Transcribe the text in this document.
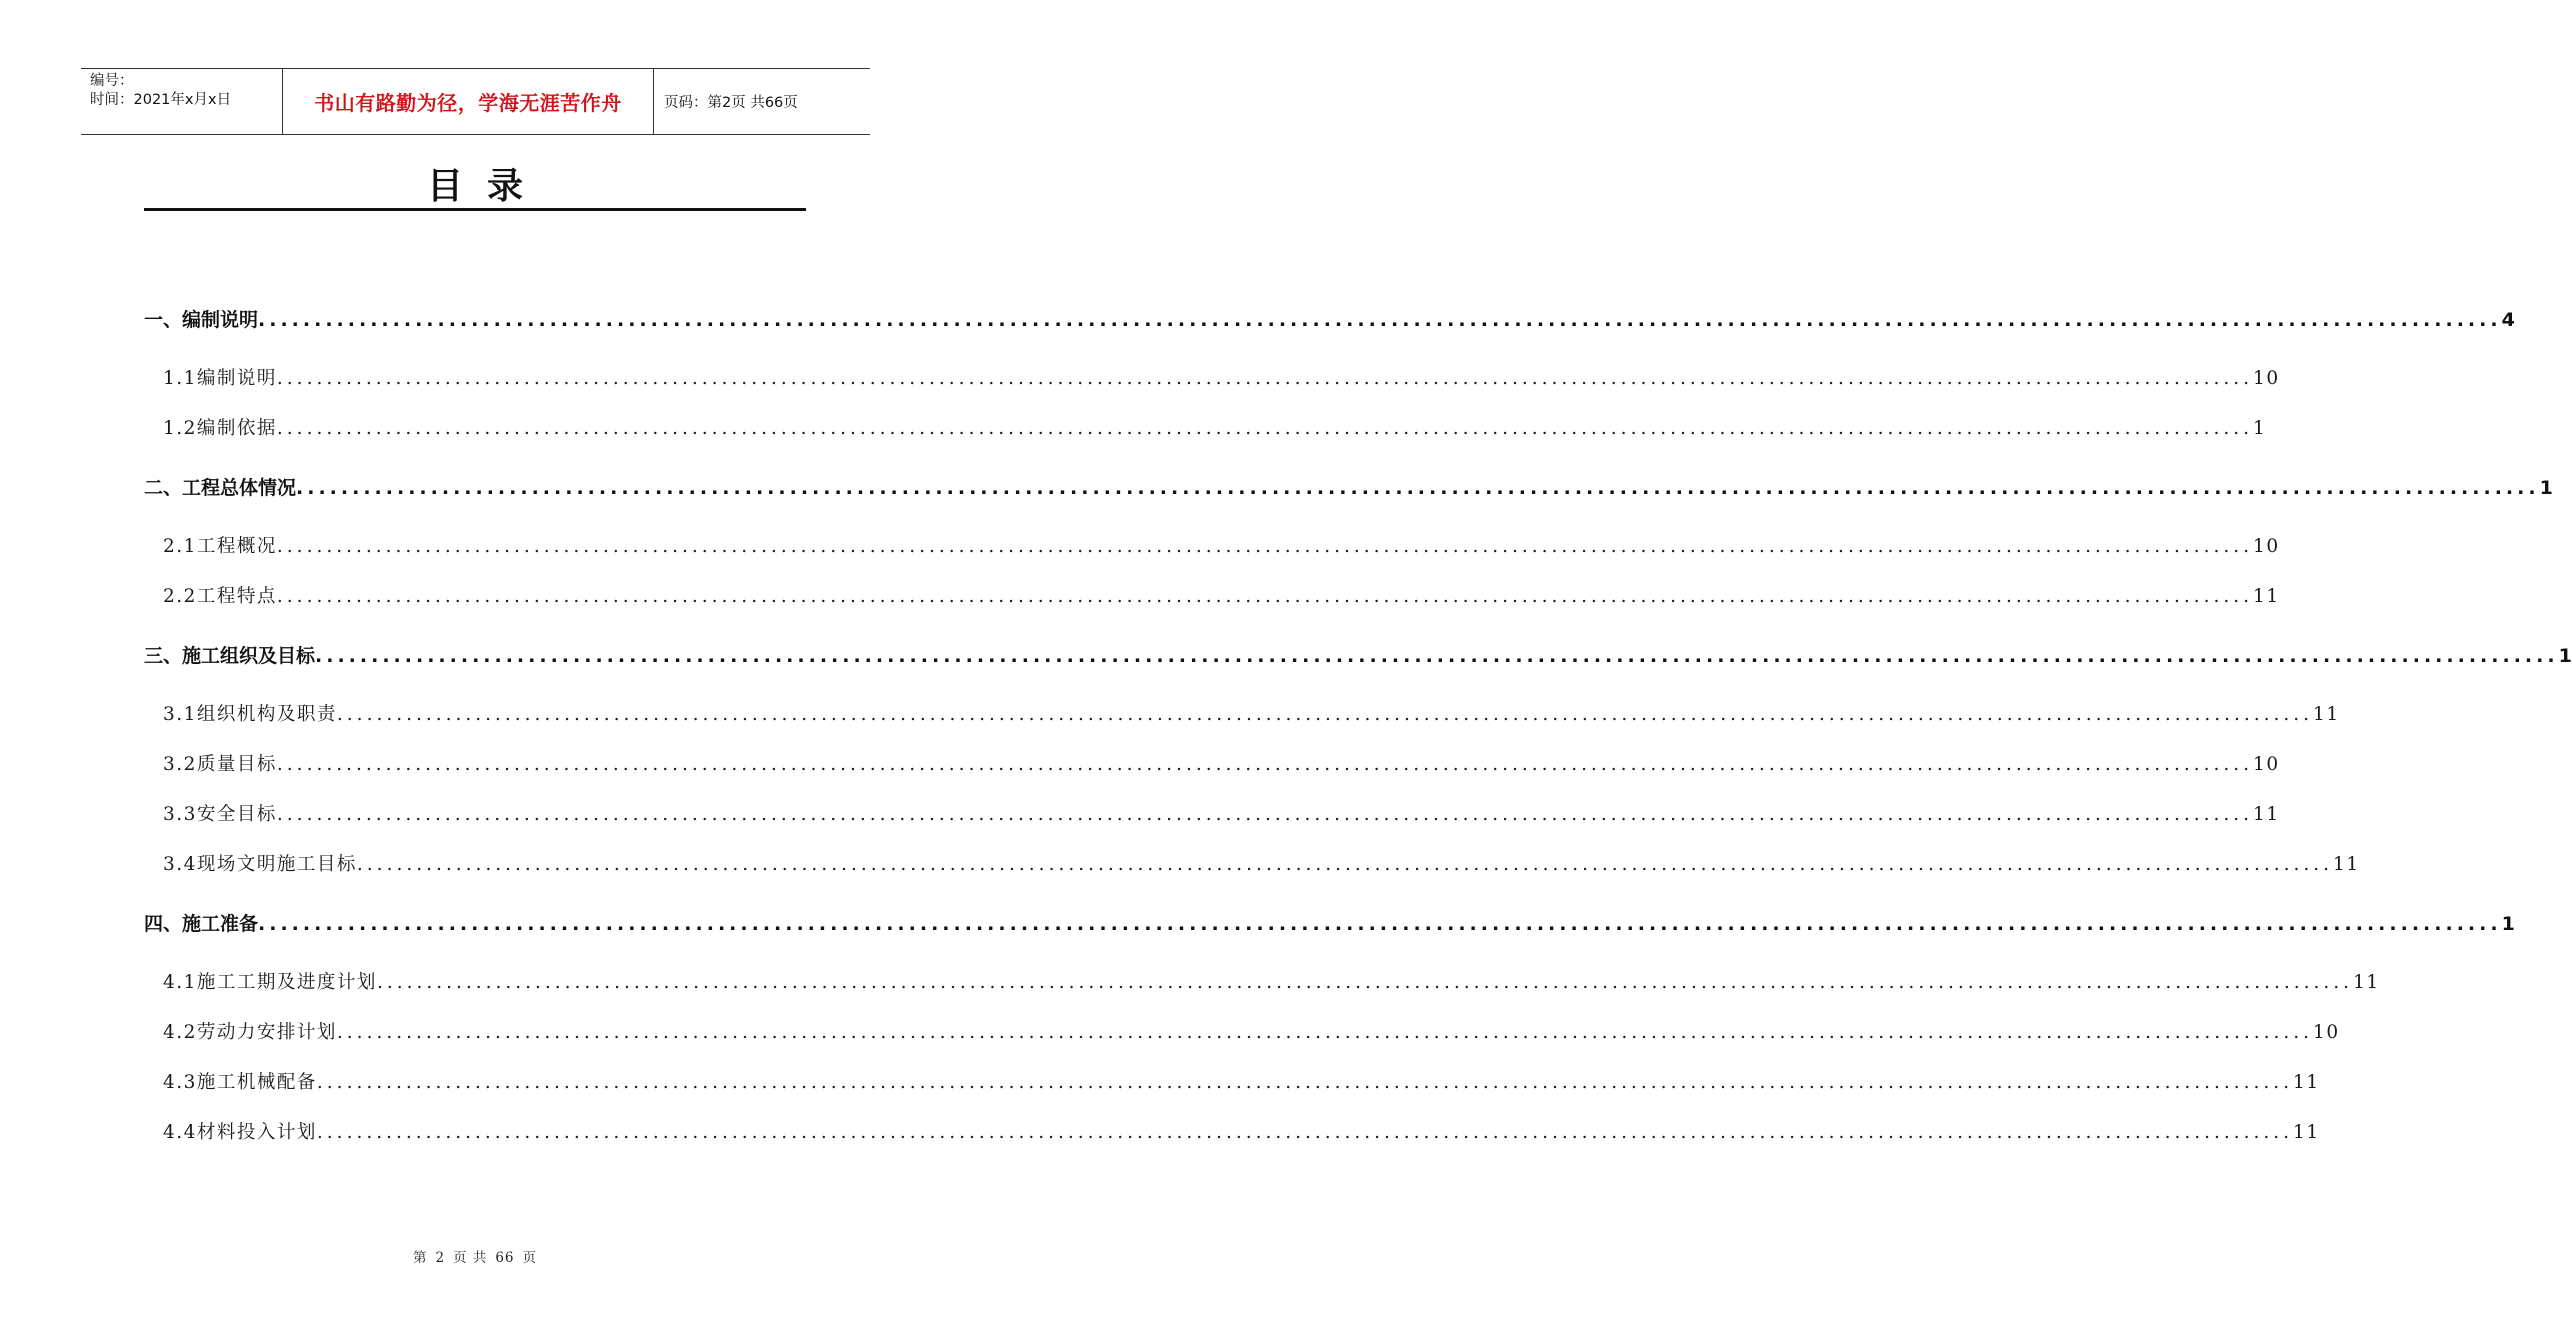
编号：
时间：2021年x月x日	书山有路勤为径，学海无涯苦作舟	页码：第2页 共66页
目录
一、编制说明 ........................................................................................................................................................................................................ 4
1.1编制说明 ........................................................................................................................................................................................................ 10
1.2编制依据 ........................................................................................................................................................................................................ 1
二、工程总体情况 ........................................................................................................................................................................................................ 1
2.1工程概况 ........................................................................................................................................................................................................ 10
2.2工程特点 ........................................................................................................................................................................................................ 11
三、施工组织及目标 ........................................................................................................................................................................................................ 1
3.1组织机构及职责 ........................................................................................................................................................................................................ 11
3.2质量目标 ........................................................................................................................................................................................................ 10
3.3安全目标 ........................................................................................................................................................................................................ 11
3.4现场文明施工目标 ........................................................................................................................................................................................................ 11
四、施工准备 ........................................................................................................................................................................................................ 1
4.1施工工期及进度计划 ........................................................................................................................................................................................................ 11
4.2劳动力安排计划 ........................................................................................................................................................................................................ 10
4.3施工机械配备 ........................................................................................................................................................................................................ 11
4.4材料投入计划 ........................................................................................................................................................................................................ 11
第 2 页 共 66 页
